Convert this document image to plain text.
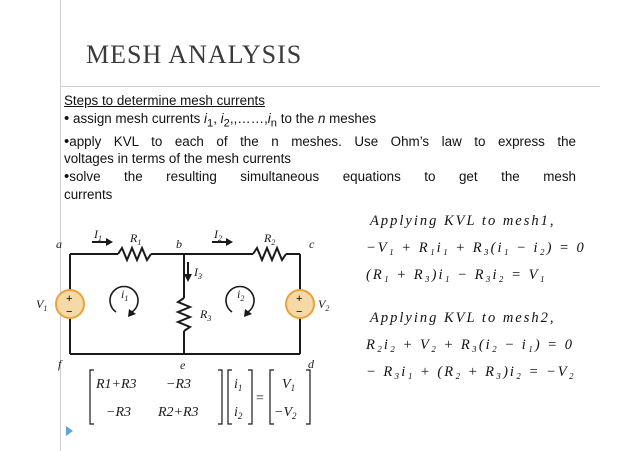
MESH ANALYSIS
Steps to determine mesh currents
• assign mesh currents $i_1$, $i_2,,\dots\dots,i_n$ to the n meshes
•apply KVL to each of the n meshes. Use Ohm’s law to express the
voltages in terms of the mesh currents
•solve the resulting simultaneous equations to get the mesh
currents
Applying KVL to mesh1,
−V₁ + R₁i₁ + R₃(i₁ − i₂) = 0
(R₁ + R₃)i₁ − R₃i₂ = V₁
Applying KVL to mesh2,
R₂i₂ + V₂ + R₃(i₂ − i₁) = 0
− R₃i₁ + (R₂ + R₃)i₂ = −V₂
+
−
+
−
a	b	c
d
e
f
$I_1$	$I_2$
$I_3$
$R_1$	$R_2$
$R_3$
$V_1$	$V_2$
$i_1$	$i_2$
R1+R3 −R3
−R3 R2+R3
$i_1$
$i_2$
=
$V_1$
$-V_2$
